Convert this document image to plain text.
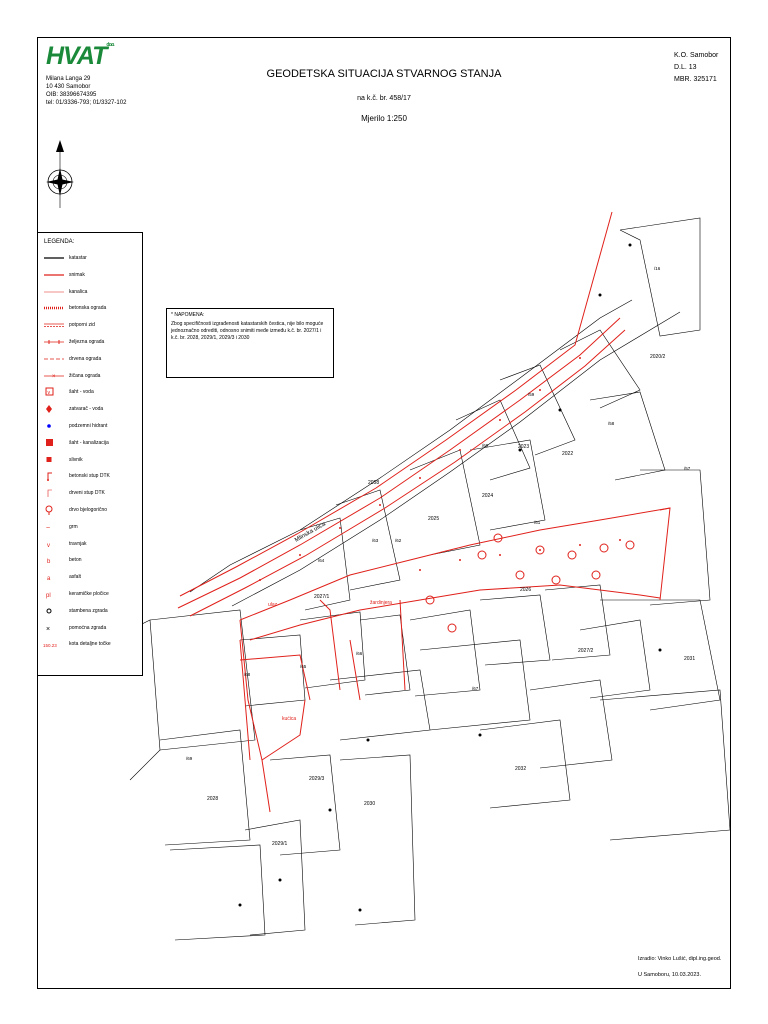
Mlinska ulica
2020/2
2022
2023
2024
2025
2026
2027/1
2027/2
2028
2029/1
2029/3
2030
2031
2032
2058
žardinjera
kućica
ulaz
/16
/59
/58
/57
/60
/61
/62
/63
/64
/65
/66
/67
/68
/69
$HVAT^{d.o.o.}$
Milana Langa 29
10 430 Samobor
OIB: 38396674395
tel: 01/3336-793; 01/3327-102
GEODETSKA SITUACIJA STVARNOG STANJA
na k.č. br. 458/17
Mjerilo 1:250
K.O. Samobor
D.L. 13
MBR. 325171
LEGENDA:
katastar
snimak
kanalica
betonska ograda
potporni zid
željezna ograda
drvena ograda
×	žičana ograda
v	šaht - voda
zatvarač - voda
podzemni hidrant
šaht - kanalizacija
slivnik
betonski stup DTK
drveni stup DTK
drvo bjelogorično
~	grm
v	travnjak
b	beton
a	asfalt
pl	keramičke pločice
stambena zgrada
×	pomoćna zgrada
150.23 kota detaljne točke
* NAPOMENA:
Zbog specifičnosti izgrađenosti katastarskih čestica, nije bilo moguće jednoznačno odrediti, odnosno snimiti međe između k.č. br. 2027/1 i k.č. br. 2028, 2029/1, 2029/3 i 2030
Izradio: Vinko Lušić, dipl.ing.geod.
U Samoboru, 10.03.2023.
